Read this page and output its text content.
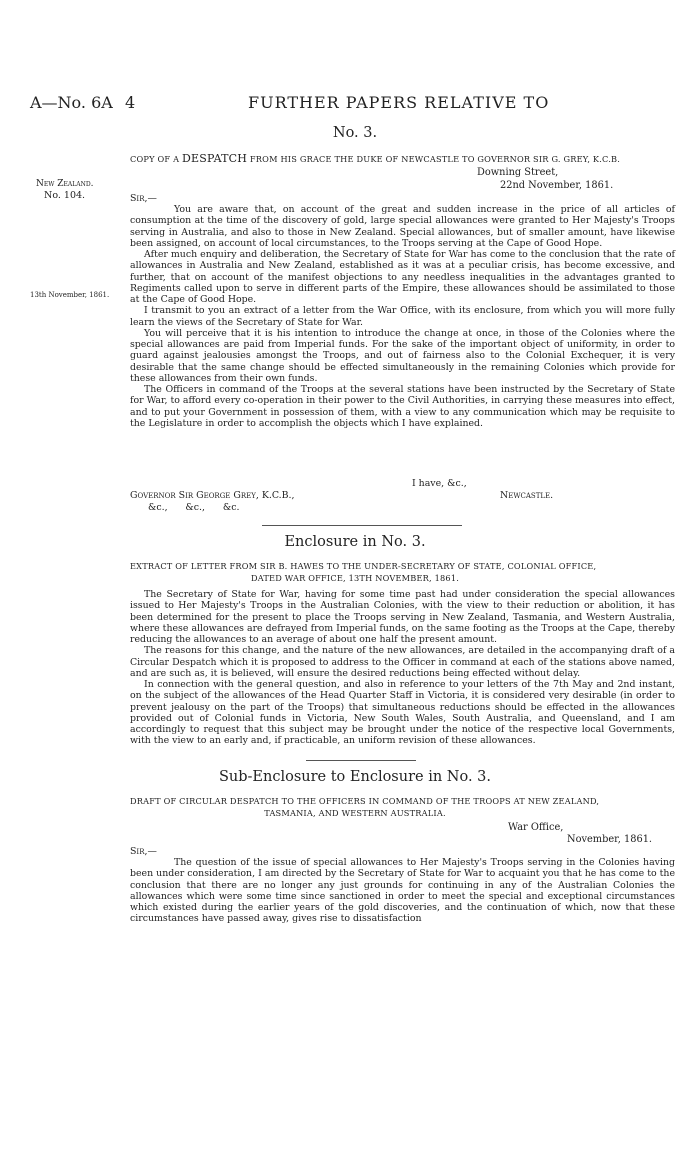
A—No. 6A 4	FURTHER PAPERS RELATIVE TO
No. 3.
COPY OF A DESPATCH FROM HIS GRACE THE DUKE OF NEWCASTLE TO GOVERNOR SIR G. GREY, K.C.B.
New Zealand.
No. 104.
13th November, 1861.
Downing Street,
22nd November, 1861.
Sir,—

You are aware that, on account of the great and sudden increase in the price of all articles of consumption at the time of the discovery of gold, large special allowances were granted to Her Majesty's Troops serving in Australia, and also to those in New Zealand. Special allowances, but of smaller amount, have likewise been assigned, on account of local circumstances, to the Troops serving at the Cape of Good Hope.

After much enquiry and deliberation, the Secretary of State for War has come to the conclusion that the rate of allowances in Australia and New Zealand, established as it was at a peculiar crisis, has become excessive, and further, that on account of the manifest objections to any needless inequalities in the advantages granted to Regiments called upon to serve in different parts of the Empire, these allowances should be assimilated to those at the Cape of Good Hope.

I transmit to you an extract of a letter from the War Office, with its enclosure, from which you will more fully learn the views of the Secretary of State for War.

You will perceive that it is his intention to introduce the change at once, in those of the Colonies where the special allowances are paid from Imperial funds. For the sake of the important object of uniformity, in order to guard against jealousies amongst the Troops, and out of fairness also to the Colonial Exchequer, it is very desirable that the same change should be effected simultaneously in the remaining Colonies which provide for these allowances from their own funds.

The Officers in command of the Troops at the several stations have been instructed by the Secretary of State for War, to afford every co-operation in their power to the Civil Authorities, in carrying these measures into effect, and to put your Government in possession of them, with a view to any communication which may be requisite to the Legislature in order to accomplish the objects which I have explained.

I have, &c.,
Governor Sir George Grey, K.C.B.,	Newcastle.
&c.,      &c.,      &c.
Enclosure in No. 3.
EXTRACT OF LETTER FROM SIR B. HAWES TO THE UNDER-SECRETARY OF STATE, COLONIAL OFFICE,
DATED WAR OFFICE, 13TH NOVEMBER, 1861.

The Secretary of State for War, having for some time past had under consideration the special allowances issued to Her Majesty's Troops in the Australian Colonies, with the view to their reduction or abolition, it has been determined for the present to place the Troops serving in New Zealand, Tasmania, and Western Australia, where these allowances are defrayed from Imperial funds, on the same footing as the Troops at the Cape, thereby reducing the allowances to an average of about one half the present amount.

The reasons for this change, and the nature of the new allowances, are detailed in the accompanying draft of a Circular Despatch which it is proposed to address to the Officer in command at each of the stations above named, and are such as, it is believed, will ensure the desired reductions being effected without delay.

In connection with the general question, and also in reference to your letters of the 7th May and 2nd instant, on the subject of the allowances of the Head Quarter Staff in Victoria, it is considered very desirable (in order to prevent jealousy on the part of the Troops) that simultaneous reductions should be effected in the allowances provided out of Colonial funds in Victoria, New South Wales, South Australia, and Queensland, and I am accordingly to request that this subject may be brought under the notice of the respective local Governments, with the view to an early and, if practicable, an uniform revision of these allowances.

Sub-Enclosure to Enclosure in No. 3.
DRAFT OF CIRCULAR DESPATCH TO THE OFFICERS IN COMMAND OF THE TROOPS AT NEW ZEALAND,
TASMANIA, AND WESTERN AUSTRALIA.
War Office,
November, 1861.
Sir,—

The question of the issue of special allowances to Her Majesty's Troops serving in the Colonies having been under consideration, I am directed by the Secretary of State for War to acquaint you that he has come to the conclusion that there are no longer any just grounds for continuing in any of the Australian Colonies the allowances which were some time since sanctioned in order to meet the special and exceptional circumstances which existed during the earlier years of the gold discoveries, and the continuation of which, now that these circumstances have passed away, gives rise to dissatisfaction
